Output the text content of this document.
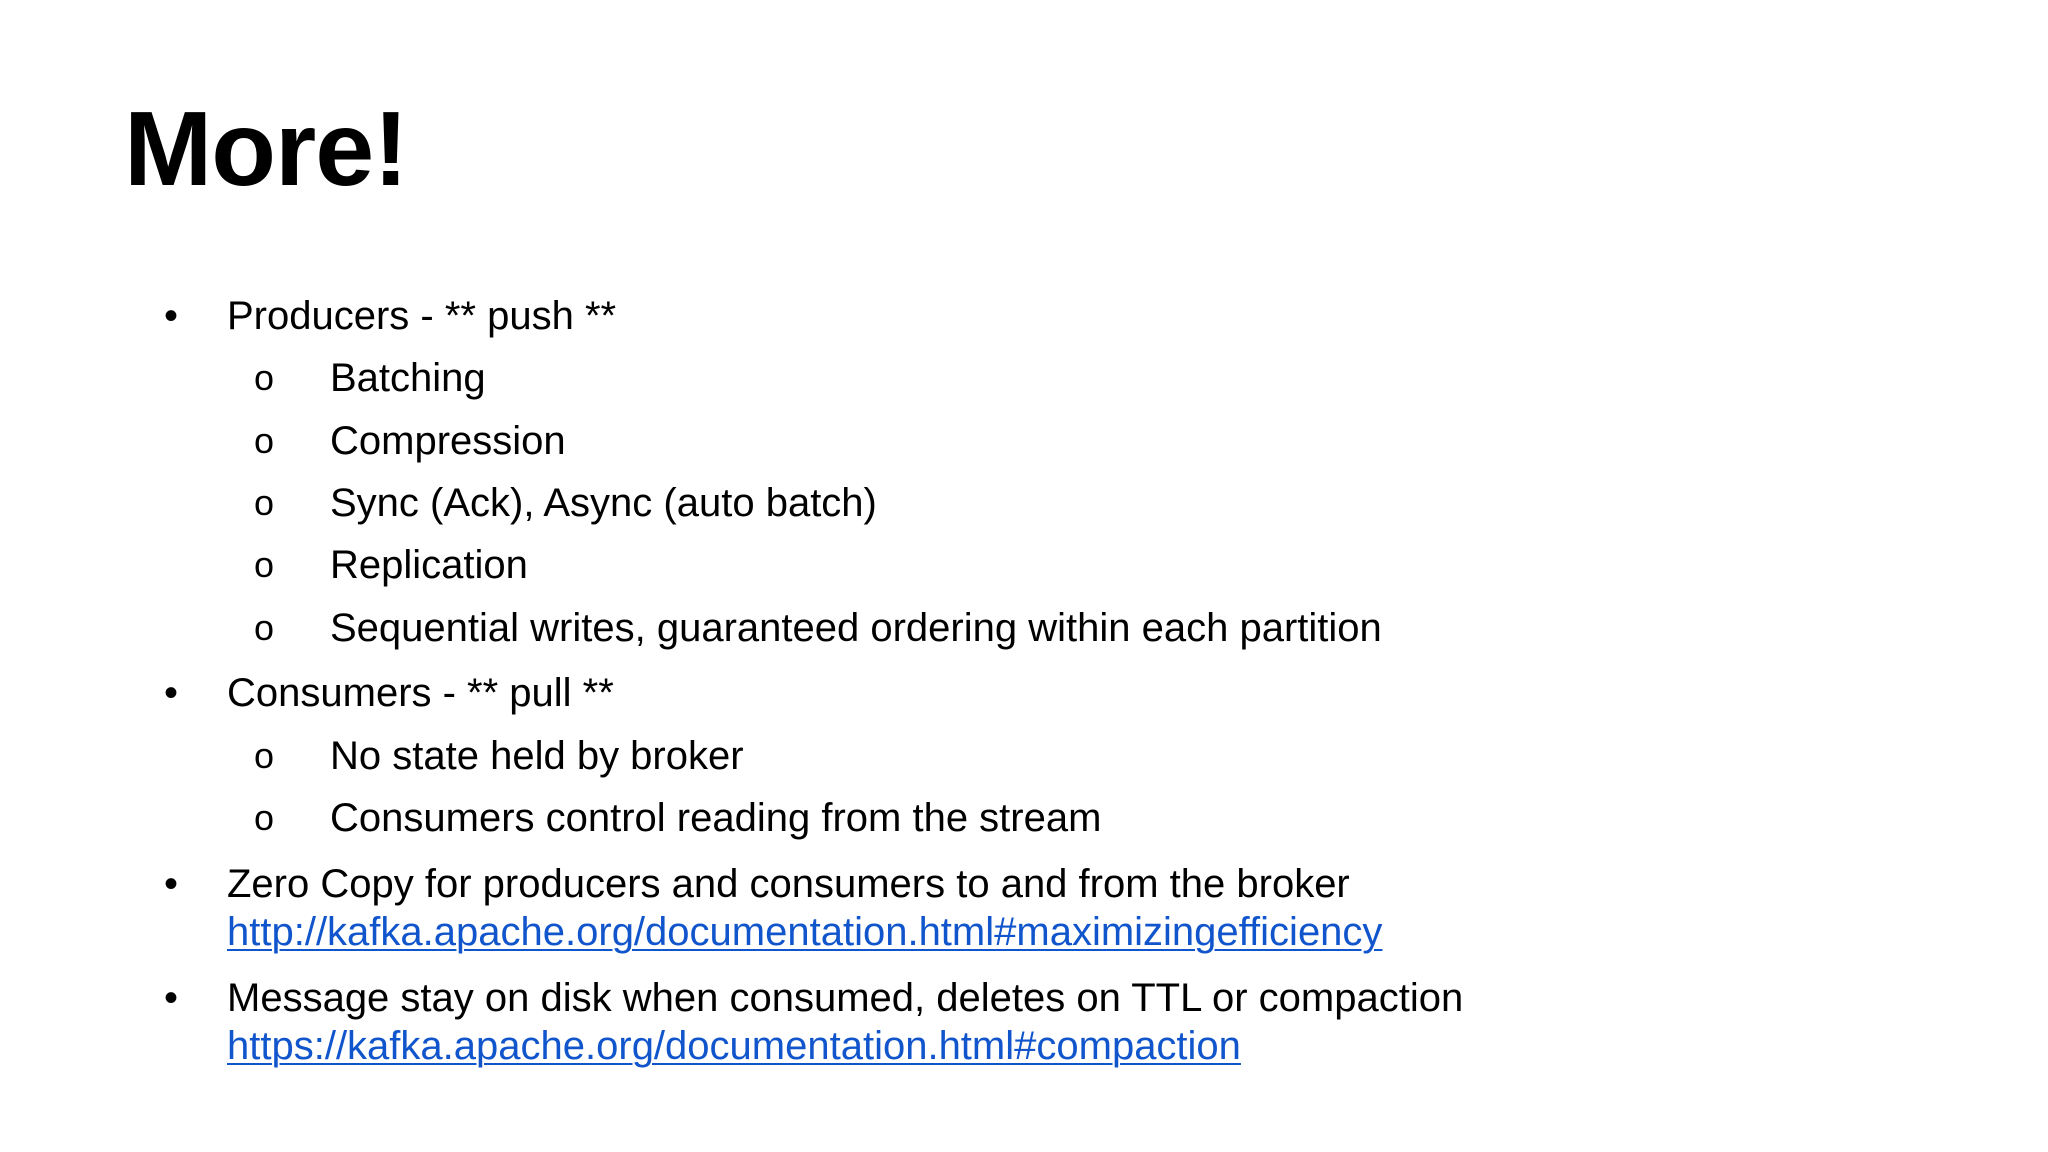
More!
• Producers - ** push **
o Batching
o Compression
o Sync (Ack), Async (auto batch)
o Replication
o Sequential writes, guaranteed ordering within each partition
• Consumers - ** pull **
o No state held by broker
o Consumers control reading from the stream
• Zero Copy for producers and consumers to and from the broker
http://kafka.apache.org/documentation.html#maximizingefficiency
• Message stay on disk when consumed, deletes on TTL or compaction
https://kafka.apache.org/documentation.html#compaction
